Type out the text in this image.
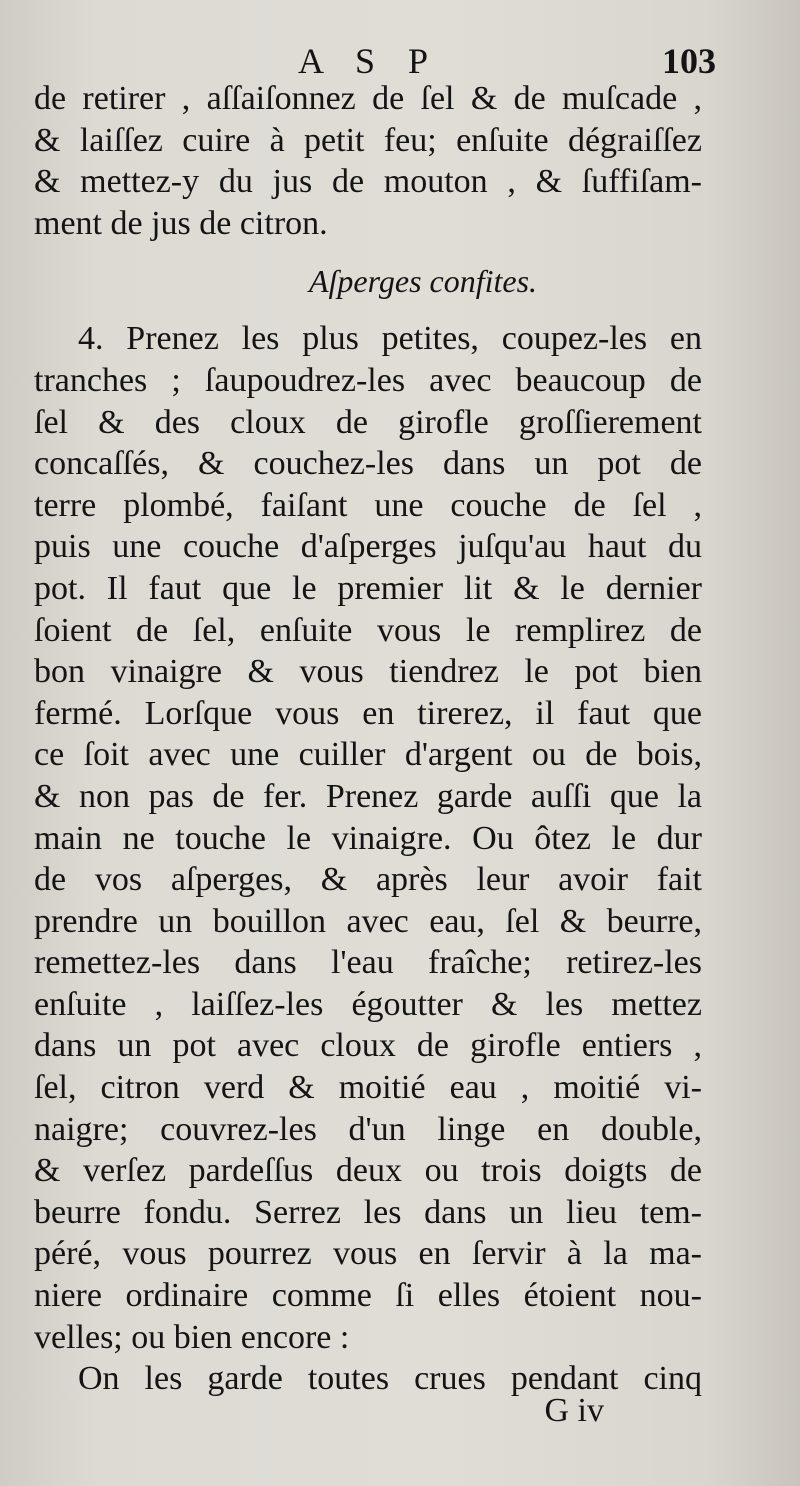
A S P	103
de retirer , aſſaiſonnez de ſel & de muſcade ,
& laiſſez cuire à petit feu; enſuite dégraiſſez
& mettez-y du jus de mouton , & ſuffiſam-
ment de jus de citron.
Aſperges confites.
4. Prenez les plus petites, coupez-les en
tranches ; ſaupoudrez-les avec beaucoup de
ſel & des cloux de girofle groſſierement
concaſſés, & couchez-les dans un pot de
terre plombé, faiſant une couche de ſel ,
puis une couche d'aſperges juſqu'au haut du
pot. Il faut que le premier lit & le dernier
ſoient de ſel, enſuite vous le remplirez de
bon vinaigre & vous tiendrez le pot bien
fermé. Lorſque vous en tirerez, il faut que
ce ſoit avec une cuiller d'argent ou de bois,
& non pas de fer. Prenez garde auſſi que la
main ne touche le vinaigre. Ou ôtez le dur
de vos aſperges, & après leur avoir fait
prendre un bouillon avec eau, ſel & beurre,
remettez-les dans l'eau fraîche; retirez-les
enſuite , laiſſez-les égoutter & les mettez
dans un pot avec cloux de girofle entiers ,
ſel, citron verd & moitié eau , moitié vi-
naigre; couvrez-les d'un linge en double,
& verſez pardeſſus deux ou trois doigts de
beurre fondu. Serrez les dans un lieu tem-
péré, vous pourrez vous en ſervir à la ma-
niere ordinaire comme ſi elles étoient nou-
velles; ou bien encore :
On les garde toutes crues pendant cinq
G iv
